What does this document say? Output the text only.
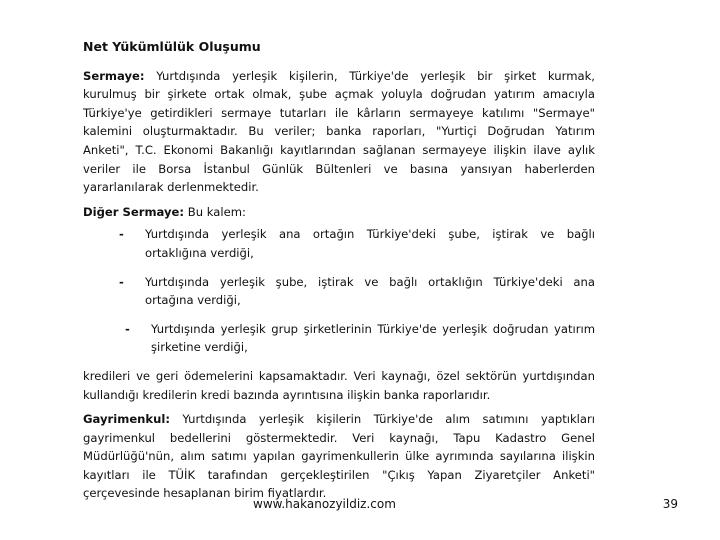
Net Yükümlülük Oluşumu
Sermaye: Yurtdışında yerleşik kişilerin, Türkiye'de yerleşik bir şirket kurmak,
kurulmuş bir şirkete ortak olmak, şube açmak yoluyla doğrudan yatırım amacıyla
Türkiye'ye getirdikleri sermaye tutarları ile kârların sermayeye katılımı "Sermaye"
kalemini oluşturmaktadır. Bu veriler; banka raporları, "Yurtiçi Doğrudan Yatırım
Anketi", T.C. Ekonomi Bakanlığı kayıtlarından sağlanan sermayeye ilişkin ilave aylık
veriler ile Borsa İstanbul Günlük Bültenleri ve basına yansıyan haberlerden
yararlanılarak derlenmektedir.
Diğer Sermaye: Bu kalem:
-	Yurtdışında yerleşik ana ortağın Türkiye'deki şube, iştirak ve bağlı
ortaklığına verdiği,
-	Yurtdışında yerleşik şube, iştirak ve bağlı ortaklığın Türkiye'deki ana
ortağına verdiği,
-	Yurtdışında yerleşik grup şirketlerinin Türkiye'de yerleşik doğrudan yatırım
şirketine verdiği,
kredileri ve geri ödemelerini kapsamaktadır. Veri kaynağı, özel sektörün yurtdışından
kullandığı kredilerin kredi bazında ayrıntısına ilişkin banka raporlarıdır.
Gayrimenkul: Yurtdışında yerleşik kişilerin Türkiye'de alım satımını yaptıkları
gayrimenkul bedellerini göstermektedir. Veri kaynağı, Tapu Kadastro Genel
Müdürlüğü'nün, alım satımı yapılan gayrimenkullerin ülke ayrımında sayılarına ilişkin
kayıtları ile TÜİK tarafından gerçekleştirilen "Çıkış Yapan Ziyaretçiler Anketi"
çerçevesinde hesaplanan birim fiyatlardır.
www.hakanozyildiz.com	39
